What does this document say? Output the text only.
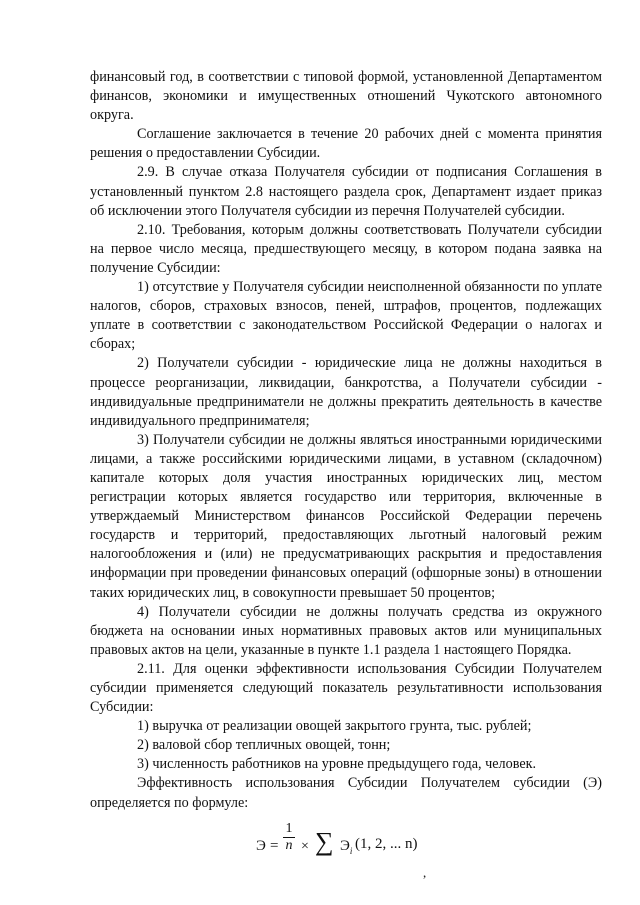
финансовый год, в соответствии с типовой формой, установленной Департаментом финансов, экономики и имущественных отношений Чукотского автономного округа.

Соглашение заключается в течение 20 рабочих дней с момента принятия решения о предоставлении Субсидии.

2.9. В случае отказа Получателя субсидии от подписания Соглашения в установленный пунктом 2.8 настоящего раздела срок, Департамент издает приказ об исключении этого Получателя субсидии из перечня Получателей субсидии.

2.10. Требования, которым должны соответствовать Получатели субсидии на первое число месяца, предшествующего месяцу, в котором подана заявка на получение Субсидии:

1) отсутствие у Получателя субсидии неисполненной обязанности по уплате налогов, сборов, страховых взносов, пеней, штрафов, процентов, подлежащих уплате в соответствии с законодательством Российской Федерации о налогах и сборах;

2) Получатели субсидии - юридические лица не должны находиться в процессе реорганизации, ликвидации, банкротства, а Получатели субсидии - индивидуальные предприниматели не должны прекратить деятельность в качестве индивидуального предпринимателя;

3) Получатели субсидии не должны являться иностранными юридическими лицами, а также российскими юридическими лицами, в уставном (складочном) капитале которых доля участия иностранных юридических лиц, местом регистрации которых является государство или территория, включенные в утверждаемый Министерством финансов Российской Федерации перечень государств и территорий, предоставляющих льготный налоговый режим налогообложения и (или) не предусматривающих раскрытия и предоставления информации при проведении финансовых операций (офшорные зоны) в отношении таких юридических лиц, в совокупности превышает 50 процентов;

4) Получатели субсидии не должны получать средства из окружного бюджета на основании иных нормативных правовых актов или муниципальных правовых актов на цели, указанные в пункте 1.1 раздела 1 настоящего Порядка.

2.11. Для оценки эффективности использования Субсидии Получателем субсидии применяется следующий показатель результативности использования Субсидии:

1) выручка от реализации овощей закрытого грунта, тыс. рублей;

2) валовой сбор тепличных овощей, тонн;

3) численность работников на уровне предыдущего года, человек.

Эффективность использования Субсидии Получателем субсидии (Э) определяется по формуле:

$Э = \frac{1}{n}$ × ∑ $Э_i$ (1, 2, ... n)
,
